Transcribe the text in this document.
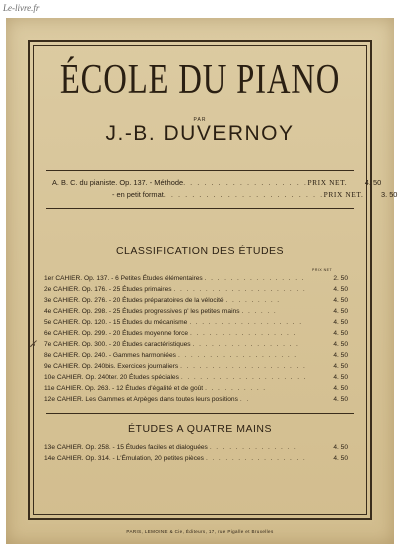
Le-livre.fr
ÉCOLE DU PIANO
PAR
J.-B. DUVERNOY
A. B. C. du pianiste. Op. 137. - Méthode . . . . . . . . . . . . . . . . . . PRIX NET.	4. 50
- en petit format . . . . . . . . . . . . . . . . . . . . . . . PRIX NET.	3. 50
CLASSIFICATION DES ÉTUDES
PRIX NET
1er CAHIER. Op. 137. - 6 Petites Études élémentaires . . . . . . . . . . . . . . . .	2. 50
2e CAHIER. Op. 176. - 25 Études primaires . . . . . . . . . . . . . . . . . . . . .	4. 50
3e CAHIER. Op. 276. - 20 Études préparatoires de la vélocité . . . . . . . . .	4. 50
4e CAHIER. Op. 298. - 25 Études progressives p' les petites mains . . . . . .	4. 50
5e CAHIER. Op. 120. - 15 Études du mécanisme . . . . . . . . . . . . . . . . . .	4. 50
6e CAHIER. Op. 299. - 20 Études moyenne force . . . . . . . . . . . . . . . . .	4. 50
7e CAHIER. Op. 300. - 20 Études caractéristiques . . . . . . . . . . . . . . . . .	4. 50
8e CAHIER. Op. 240. - Gammes harmoniées . . . . . . . . . . . . . . . . . . .	4. 50
9e CAHIER. Op. 240bis. Exercices journaliers . . . . . . . . . . . . . . . . . . . .	4. 50
10e CAHIER. Op. 240ter. 20 Études spéciales . . . . . . . . . . . . . . . . . . . .	4. 50
11e CAHIER. Op. 263. - 12 Études d'égalité et de goût . . . . . . . . . .	4. 50
12e CAHIER. Les Gammes et Arpèges dans toutes leurs positions . .	4. 50
ÉTUDES A QUATRE MAINS
13e CAHIER. Op. 258. - 15 Études faciles et dialoguées . . . . . . . . . . . . . .	4. 50
14e CAHIER. Op. 314. - L'Émulation, 20 petites pièces . . . . . . . . . . . . . . . .	4. 50
PARIS, LEMOINE & Cie, Éditeurs, 17, rue Pigalle et Bruxelles
✗
